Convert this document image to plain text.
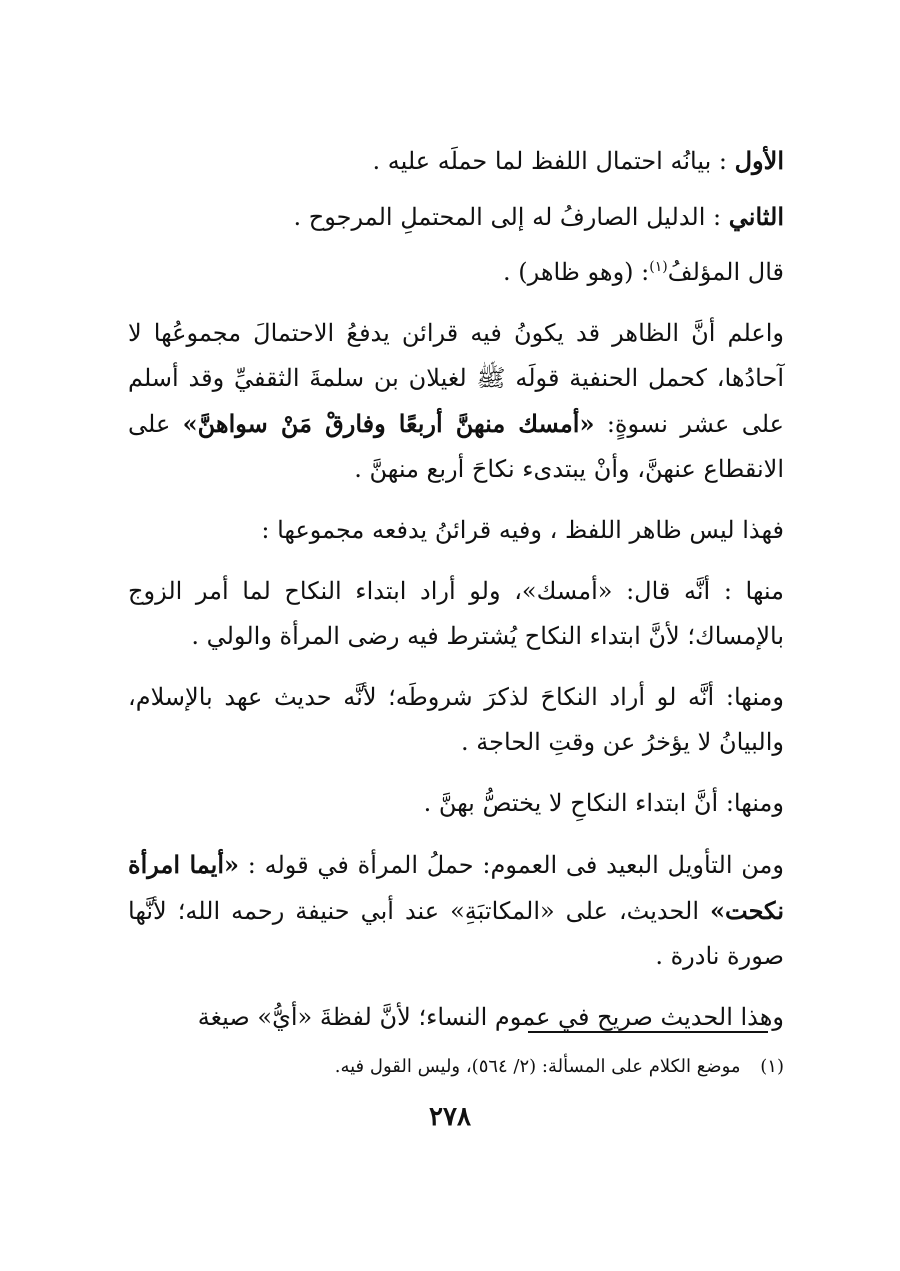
الأول : بيانُه احتمال اللفظ لما حملَه عليه .

الثاني : الدليل الصارفُ له إلى المحتملِ المرجوح .

قال المؤلفُ$^{(١)}$: (وهو ظاهر) .

واعلم أنَّ الظاهر قد يكونُ فيه قرائن يدفعُ الاحتمالَ مجموعُها لا آحادُها، كحمل الحنفية قولَه ﷺ لغيلان بن سلمةَ الثقفيِّ وقد أسلم على عشر نسوةٍ: «أمسك منهنَّ أربعًا وفارقْ مَنْ سواهنَّ» على الانقطاع عنهنَّ، وأنْ يبتدىء نكاحَ أربع منهنَّ .

فهذا ليس ظاهر اللفظ ، وفيه قرائنُ يدفعه مجموعها :

منها : أنَّه قال: «أمسك»، ولو أراد ابتداء النكاح لما أمر الزوج بالإمساك؛ لأنَّ ابتداء النكاح يُشترط فيه رضى المرأة والولي .

ومنها: أنَّه لو أراد النكاحَ لذكرَ شروطَه؛ لأنَّه حديث عهد بالإسلام، والبيانُ لا يؤخرُ عن وقتِ الحاجة .

ومنها: أنَّ ابتداء النكاحِ لا يختصُّ بهنَّ .

ومن التأويل البعيد فى العموم: حملُ المرأة في قوله : «أيما امرأة نكحت» الحديث، على «المكاتبَةِ» عند أبي حنيفة رحمه الله؛ لأنَّها صورة نادرة .

وهذا الحديث صريح في عموم النساء؛ لأنَّ لفظةَ «أيُّ» صيغة

(١) موضع الكلام على المسألة: (٢/ ٥٦٤)، وليس القول فيه.
٢٧٨
